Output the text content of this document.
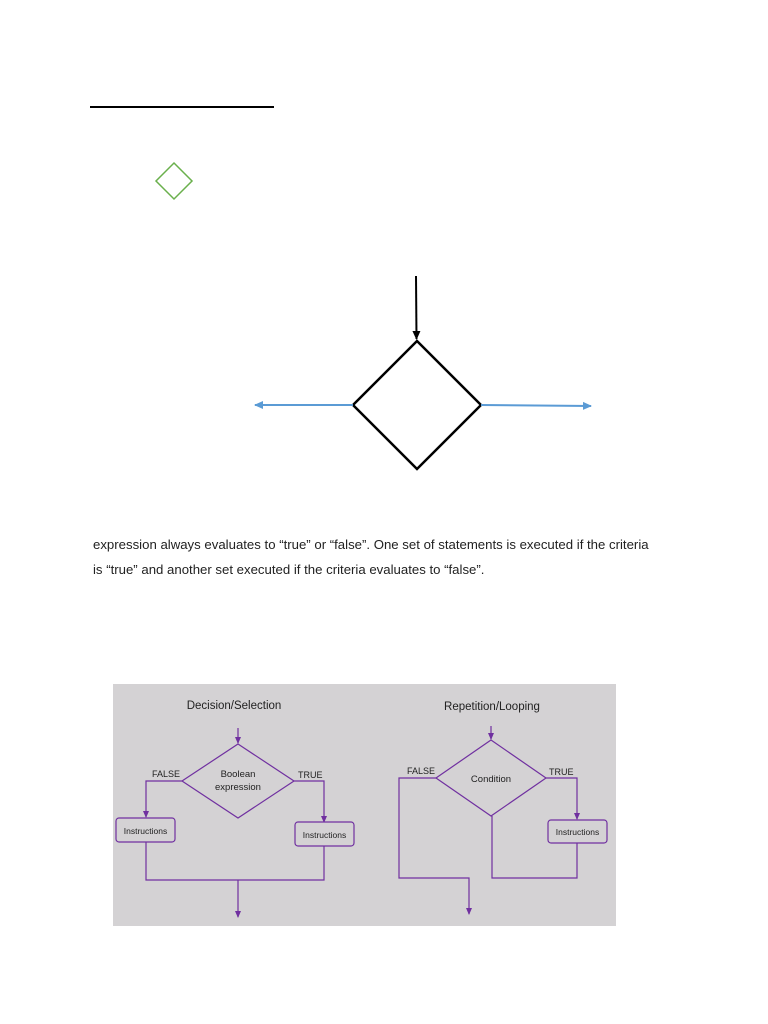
expression always evaluates to “true” or “false”. One set of statements is executed if the criteria

is “true” and another set executed if the criteria evaluates to “false”.

Decision/Selection
Boolean
expression
FALSE	TRUE
Instructions	Instructions
Repetition/Looping
Condition
FALSE	TRUE
Instructions
